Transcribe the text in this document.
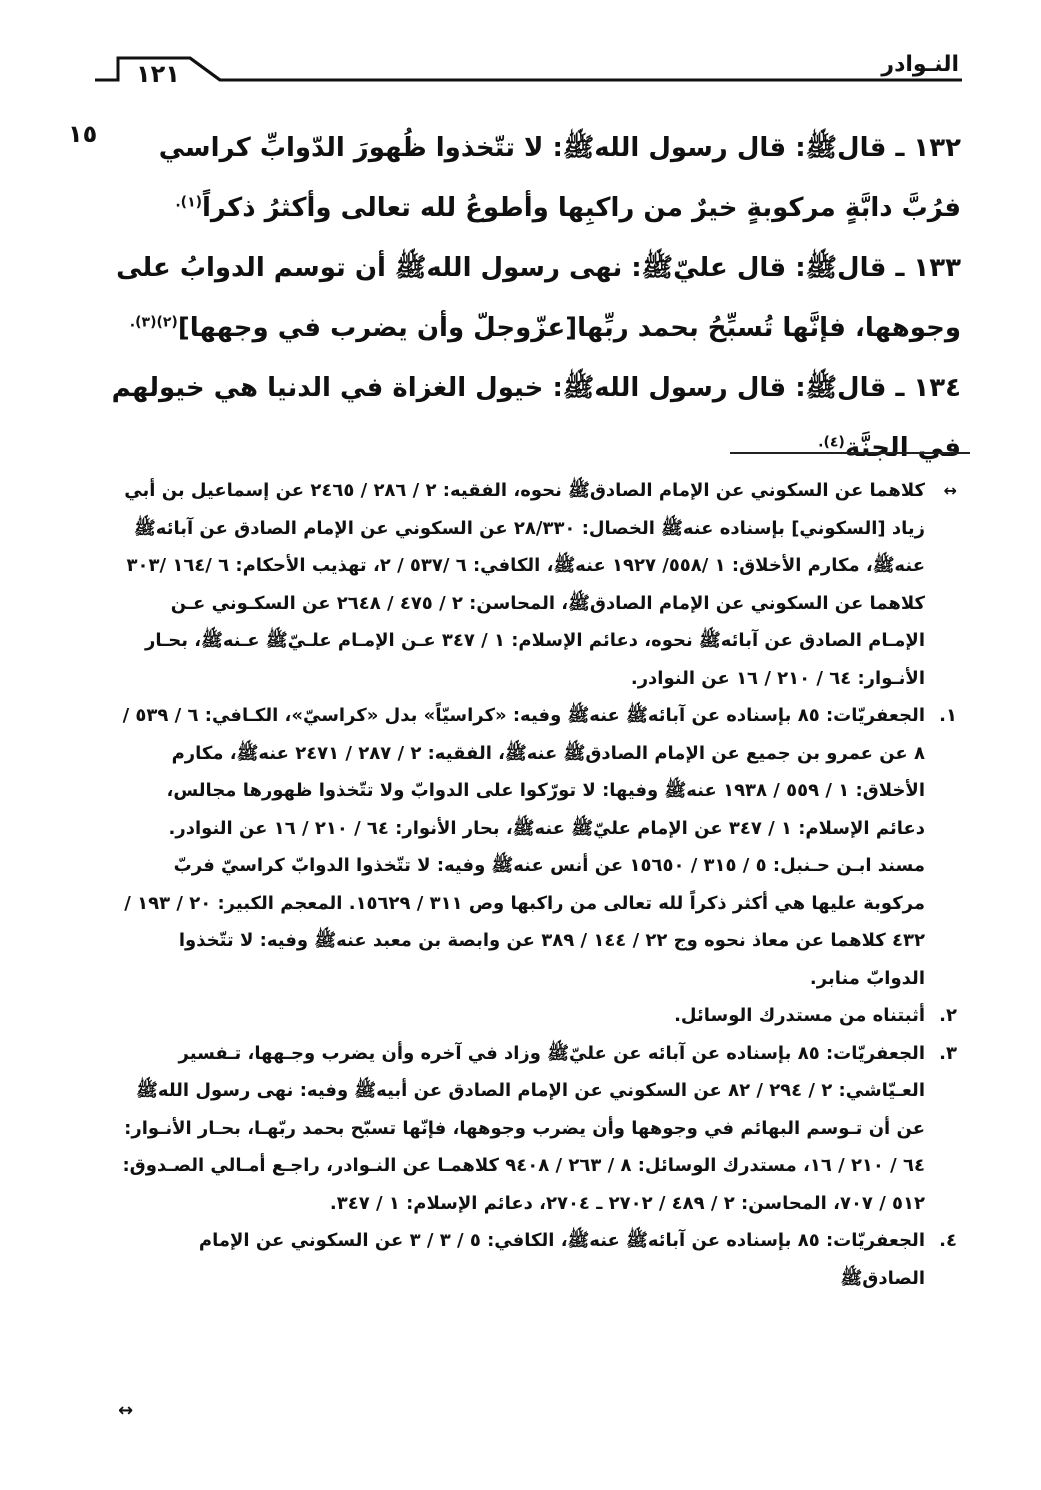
النـوادر
١٢١
١٥	١٣٢ ـ قالﷺ: قال رسول اللهﷺ: لا تتّخذوا ظُهورَ الدّوابِّ كراسي فرُبَّ دابَّةٍ مركوبةٍ خيرٌ من راكبِها وأطوعُ لله تعالى وأكثرُ ذكراً$^{(١).}$

١٣٣ ـ قالﷺ: قال عليّﷺ: نهى رسول اللهﷺ أن توسم الدوابُ على وجوهها، فإنَّها تُسبِّحُ بحمد ربِّها[عزّوجلّ وأن يضرب في وجهها]$^{(٢)(٣).}$

١٣٤ ـ قالﷺ: قال رسول اللهﷺ: خيول الغزاة في الدنيا هي خيولهم في الجنَّة$^{(٤).}$

↔
كلاهما عن السكوني عن الإمام الصادقﷺ نحوه، الفقيه: ٢ / ٢٨٦ / ٢٤٦٥ عن إسماعيل بن أبي زياد [السكوني] بإسناده عنهﷺ الخصال: ٢٨/٣٣٠ عن السكوني عن الإمام الصادق عن آبائهﷺ عنهﷺ، مكارم الأخلاق: ١ /٥٥٨/ ١٩٢٧ عنهﷺ، الكافي: ٦ /٥٣٧ / ٢، تهذيب الأحكام: ٦ /١٦٤ /٣٠٣ كلاهما عن السكوني عن الإمام الصادقﷺ، المحاسن: ٢ / ٤٧٥ / ٢٦٤٨ عن السكـوني عـن الإمـام الصادق عن آبائهﷺ نحوه، دعائم الإسلام: ١ / ٣٤٧ عـن الإمـام علـيّﷺ عـنهﷺ، بحـار الأنـوار: ٦٤ / ٢١٠ / ١٦ عن النوادر.
١.
الجعفريّات: ٨٥ بإسناده عن آبائهﷺ عنهﷺ وفيه: «كراسيّاً» بدل «كراسيّ»، الكـافي: ٦ / ٥٣٩ / ٨ عن عمرو بن جميع عن الإمام الصادقﷺ عنهﷺ، الفقيه: ٢ / ٢٨٧ / ٢٤٧١ عنهﷺ، مكارم الأخلاق: ١ / ٥٥٩ / ١٩٣٨ عنهﷺ وفيها: لا تورّكوا على الدوابّ ولا تتّخذوا ظهورها مجالس، دعائم الإسلام: ١ / ٣٤٧ عن الإمام عليّﷺ عنهﷺ، بحار الأنوار: ٦٤ / ٢١٠ / ١٦ عن النوادر. مسند ابـن حـنبل: ٥ / ٣١٥ / ١٥٦٥٠ عن أنس عنهﷺ وفيه: لا تتّخذوا الدوابّ كراسيّ فربّ مركوبة عليها هي أكثر ذكراً لله تعالى من راكبها وص ٣١١ / ١٥٦٢٩. المعجم الكبير: ٢٠ / ١٩٣ / ٤٣٢ كلاهما عن معاذ نحوه وج ٢٢ / ١٤٤ / ٣٨٩ عن وابصة بن معبد عنهﷺ وفيه: لا تتّخذوا الدوابّ منابر.
٢.
أثبتناه من مستدرك الوسائل.
٣.
الجعفريّات: ٨٥ بإسناده عن آبائه عن عليّﷺ وزاد في آخره وأن يضرب وجـهها، تـفسير العـيّاشي: ٢ / ٢٩٤ / ٨٢ عن السكوني عن الإمام الصادق عن أبيهﷺ وفيه: نهى رسول اللهﷺ عن أن تـوسم البهائم في وجوهها وأن يضرب وجوهها، فإنّها تسبّح بحمد ربّهـا، بحـار الأنـوار: ٦٤ / ٢١٠ / ١٦، مستدرك الوسائل: ٨ / ٢٦٣ / ٩٤٠٨ كلاهمـا عن النـوادر، راجـع أمـالي الصـدوق: ٥١٢ / ٧٠٧، المحاسن: ٢ / ٤٨٩ / ٢٧٠٢ ـ ٢٧٠٤، دعائم الإسلام: ١ / ٣٤٧.
٤.
الجعفريّات: ٨٥ بإسناده عن آبائهﷺ عنهﷺ، الكافي: ٥ / ٣ / ٣ عن السكوني عن الإمام الصادقﷺ
↔
